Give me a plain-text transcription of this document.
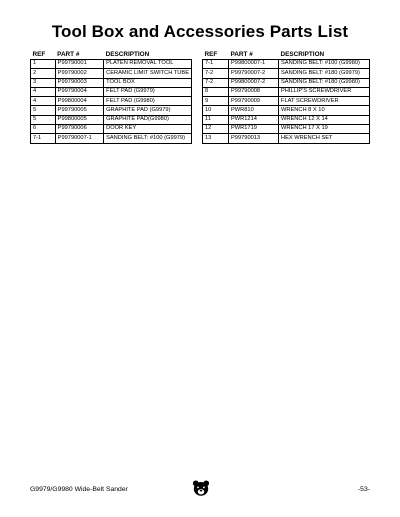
Tool Box and Accessories Parts List
REF	PART #	DESCRIPTION
1	P99790001	PLATEN REMOVAL TOOL
2	P99790002	CERAMIC LIMIT SWITCH TUBE
3	P99790003	TOOL BOX
4	P99790004	FELT PAD (G9979)
4	P99800004	FELT PAD (G9980)
5	P99790005	GRAPHITE PAD (G9979)
5	P99800005	GRAPHITE PAD(G9980)
6	P99790006	DOOR KEY
7-1	P99790007-1	SANDING BELT: #100 (G9979)
REF	PART #	DESCRIPTION
7-1	P99800007-1	SANDING BELT: #100 (G9980)
7-2	P99790007-2	SANDING BELT: #180 (G9979)
7-2	P99800007-2	SANDING BELT: #180 (G9980)
8	P99790008	PHILLIP'S SCREWDRIVER
9	P99790009	FLAT SCREWDRIVER
10	PWR810	WRENCH 8 X 10
11	PWR1214	WRENCH 12 X 14
12	PWR1719	WRENCH 17 X 19
13	P99790013	HEX WRENCH SET
G9979/G9980 Wide-Belt Sander	-53-
